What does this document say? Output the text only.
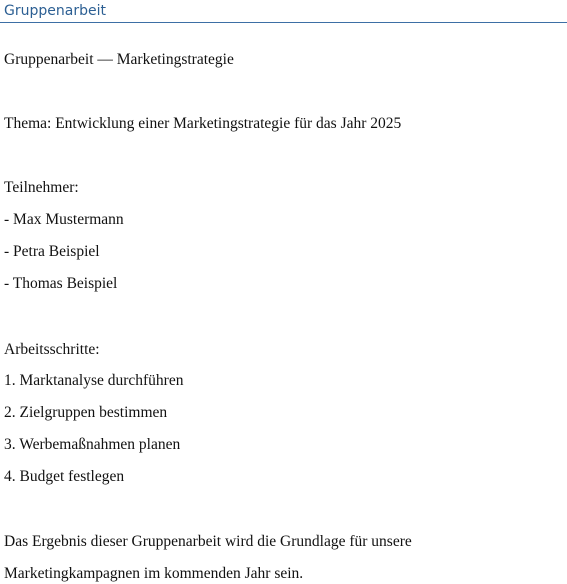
Gruppenarbeit
Gruppenarbeit — Marketingstrategie
Thema: Entwicklung einer Marketingstrategie für das Jahr 2025
Teilnehmer:
- Max Mustermann
- Petra Beispiel
- Thomas Beispiel
Arbeitsschritte:
1. Marktanalyse durchführen
2. Zielgruppen bestimmen
3. Werbemaßnahmen planen
4. Budget festlegen
Das Ergebnis dieser Gruppenarbeit wird die Grundlage für unsere
Marketingkampagnen im kommenden Jahr sein.
